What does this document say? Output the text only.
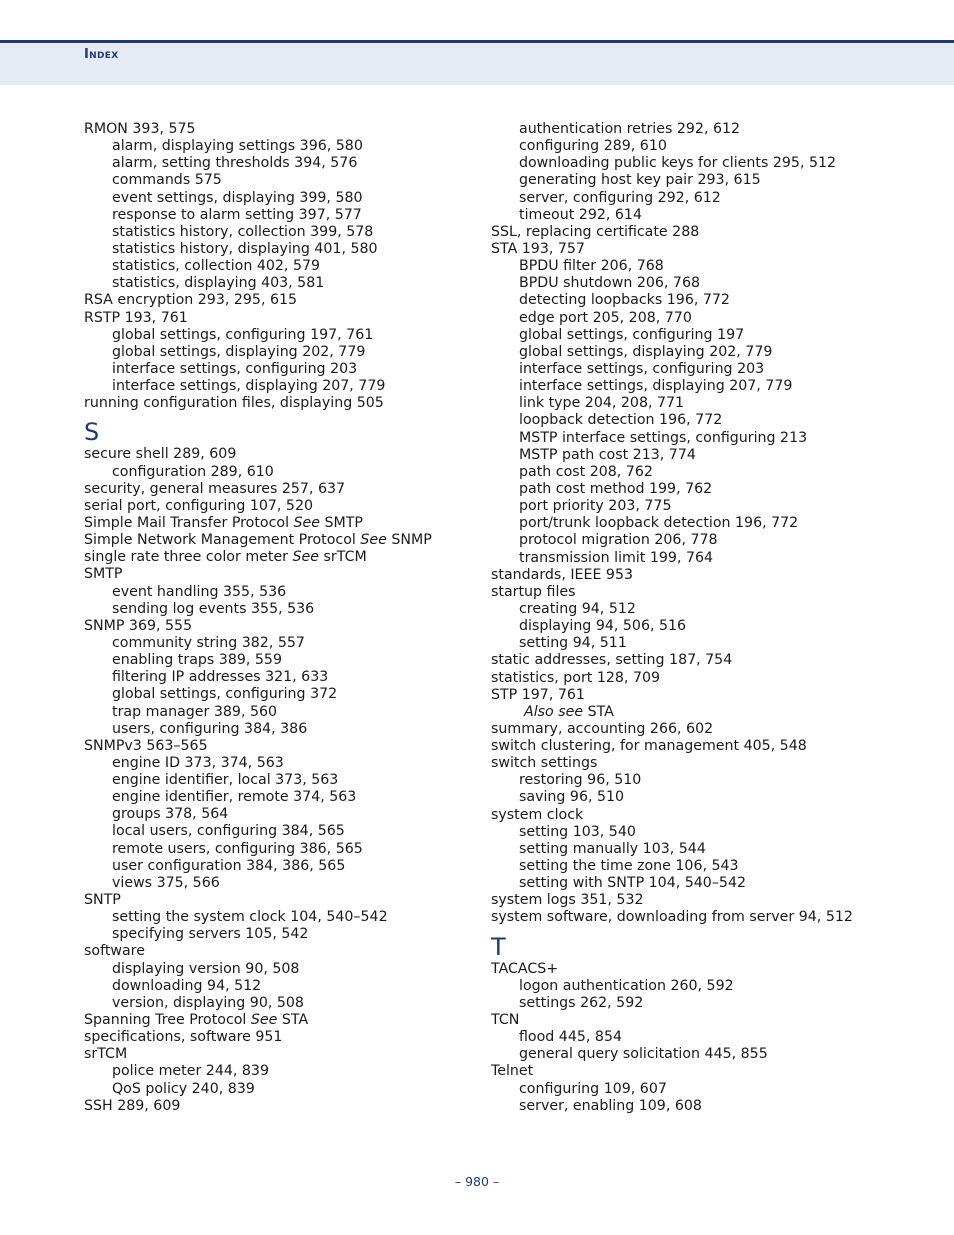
Index
RMON 393, 575
alarm, displaying settings 396, 580
alarm, setting thresholds 394, 576
commands 575
event settings, displaying 399, 580
response to alarm setting 397, 577
statistics history, collection 399, 578
statistics history, displaying 401, 580
statistics, collection 402, 579
statistics, displaying 403, 581
RSA encryption 293, 295, 615
RSTP 193, 761
global settings, configuring 197, 761
global settings, displaying 202, 779
interface settings, configuring 203
interface settings, displaying 207, 779
running configuration files, displaying 505
S
secure shell 289, 609
configuration 289, 610
security, general measures 257, 637
serial port, configuring 107, 520
Simple Mail Transfer Protocol See SMTP
Simple Network Management Protocol See SNMP
single rate three color meter See srTCM
SMTP
event handling 355, 536
sending log events 355, 536
SNMP 369, 555
community string 382, 557
enabling traps 389, 559
filtering IP addresses 321, 633
global settings, configuring 372
trap manager 389, 560
users, configuring 384, 386
SNMPv3 563–565
engine ID 373, 374, 563
engine identifier, local 373, 563
engine identifier, remote 374, 563
groups 378, 564
local users, configuring 384, 565
remote users, configuring 386, 565
user configuration 384, 386, 565
views 375, 566
SNTP
setting the system clock 104, 540–542
specifying servers 105, 542
software
displaying version 90, 508
downloading 94, 512
version, displaying 90, 508
Spanning Tree Protocol See STA
specifications, software 951
srTCM
police meter 244, 839
QoS policy 240, 839
SSH 289, 609
authentication retries 292, 612
configuring 289, 610
downloading public keys for clients 295, 512
generating host key pair 293, 615
server, configuring 292, 612
timeout 292, 614
SSL, replacing certificate 288
STA 193, 757
BPDU filter 206, 768
BPDU shutdown 206, 768
detecting loopbacks 196, 772
edge port 205, 208, 770
global settings, configuring 197
global settings, displaying 202, 779
interface settings, configuring 203
interface settings, displaying 207, 779
link type 204, 208, 771
loopback detection 196, 772
MSTP interface settings, configuring 213
MSTP path cost 213, 774
path cost 208, 762
path cost method 199, 762
port priority 203, 775
port/trunk loopback detection 196, 772
protocol migration 206, 778
transmission limit 199, 764
standards, IEEE 953
startup files
creating 94, 512
displaying 94, 506, 516
setting 94, 511
static addresses, setting 187, 754
statistics, port 128, 709
STP 197, 761
Also see STA
summary, accounting 266, 602
switch clustering, for management 405, 548
switch settings
restoring 96, 510
saving 96, 510
system clock
setting 103, 540
setting manually 103, 544
setting the time zone 106, 543
setting with SNTP 104, 540–542
system logs 351, 532
system software, downloading from server 94, 512
T
TACACS+
logon authentication 260, 592
settings 262, 592
TCN
flood 445, 854
general query solicitation 445, 855
Telnet
configuring 109, 607
server, enabling 109, 608
– 980 –
